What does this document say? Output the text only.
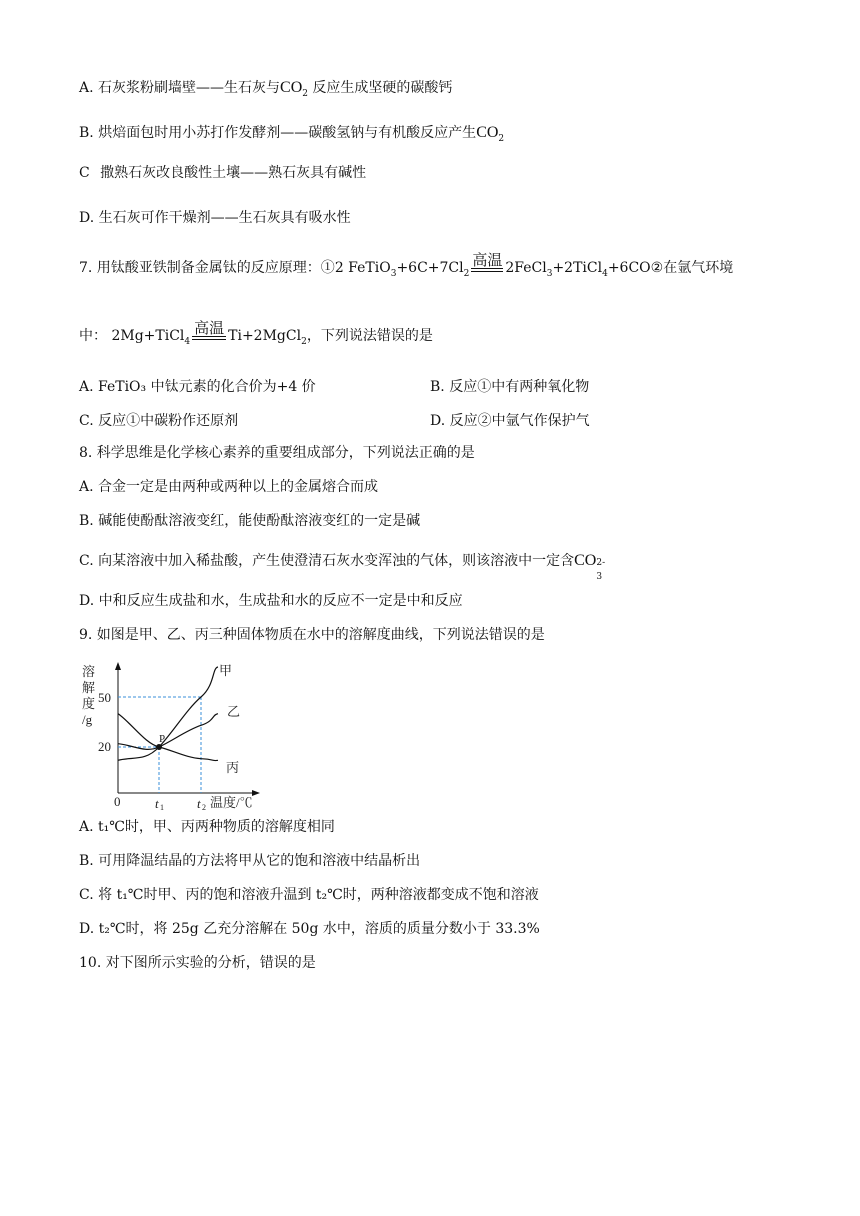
A. 石灰浆粉刷墙壁——生石灰与$CO_2$ 反应生成坚硬的碳酸钙
B. 烘焙面包时用小苏打作发酵剂——碳酸氢钠与有机酸反应产生$CO_2$
C 撒熟石灰改良酸性土壤——熟石灰具有碱性
D. 生石灰可作干燥剂——生石灰具有吸水性
7. 用钛酸亚铁制备金属钛的反应原理：①2 $FeTiO_3+6C+7Cl_2$
高温 2FeCl$_3$+2TiCl$_4$+6CO②在氩气环境
中： 2Mg+TiCl$_4$
高温 Ti+2MgCl$_2$，下列说法错误的是
A. FeTiO₃ 中钛元素的化合价为+4 价	B. 反应①中有两种氧化物
C. 反应①中碳粉作还原剂	D. 反应②中氩气作保护气
8. 科学思维是化学核心素养的重要组成部分，下列说法正确的是
A. 合金一定是由两种或两种以上的金属熔合而成
B. 碱能使酚酞溶液变红，能使酚酞溶液变红的一定是碱
C. 向某溶液中加入稀盐酸，产生使澄清石灰水变浑浊的气体，则该溶液中一定含CO 2-
3
D. 中和反应生成盐和水，生成盐和水的反应不一定是中和反应
9. 如图是甲、乙、丙三种固体物质在水中的溶解度曲线，下列说法错误的是
溶
解
度
/g
50
20
0	t 1	t 2 温度/℃
P
甲
乙
丙
A. t₁℃时，甲、丙两种物质的溶解度相同
B. 可用降温结晶的方法将甲从它的饱和溶液中结晶析出
C. 将 t₁℃时甲、丙的饱和溶液升温到 t₂℃时，两种溶液都变成不饱和溶液
D. t₂℃时，将 25g 乙充分溶解在 50g 水中，溶质的质量分数小于 33.3%
10. 对下图所示实验的分析，错误的是
